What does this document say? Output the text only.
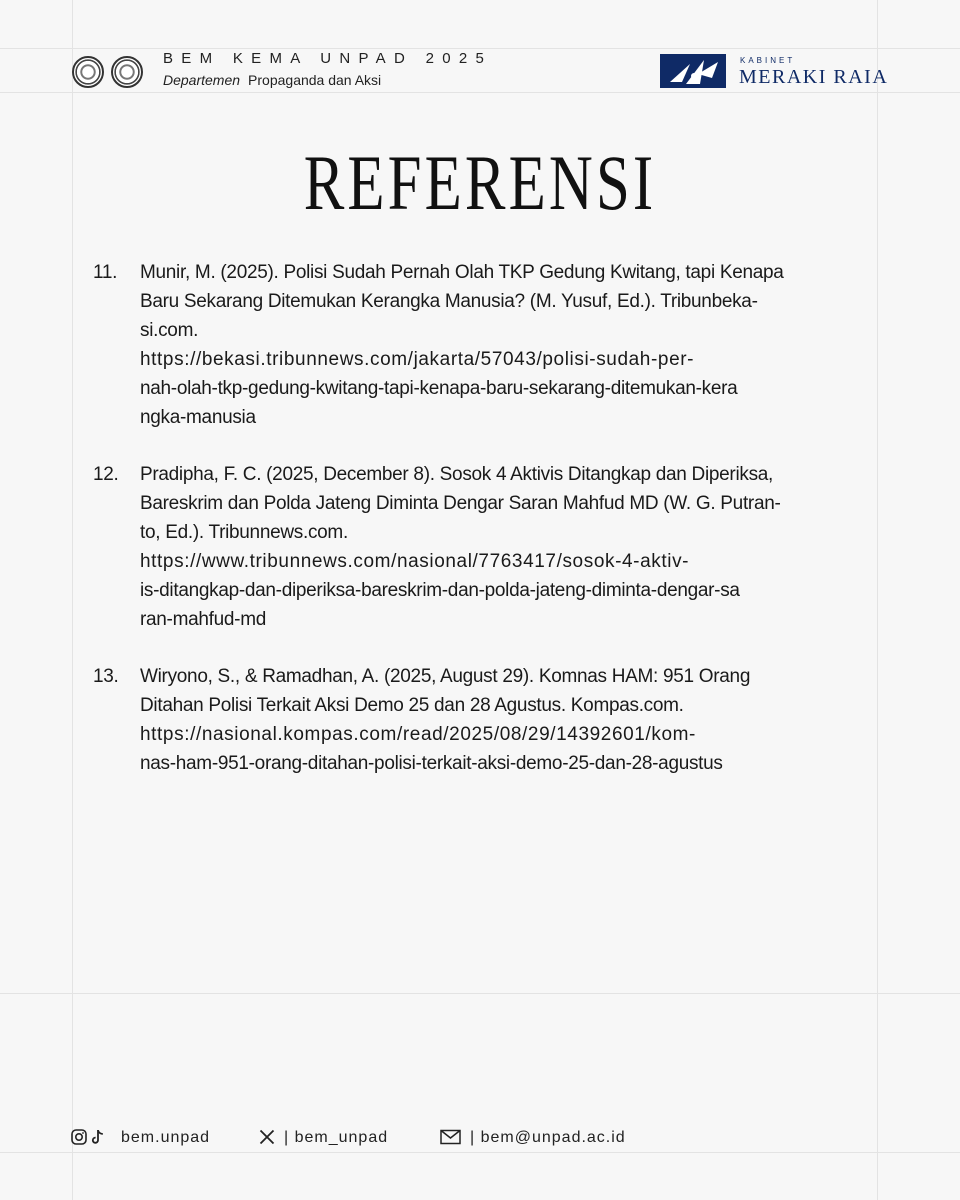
BEM KEMA UNPAD 2025
Departemen Propaganda dan Aksi
KABINET
MERAKI RAIA
REFERENSI
11. Munir, M. (2025). Polisi Sudah Pernah Olah TKP Gedung Kwitang, tapi Kenapa
Baru Sekarang Ditemukan Kerangka Manusia? (M. Yusuf, Ed.). Tribunbeka-
si.com.
https://bekasi.tribunnews.com/jakarta/57043/polisi-sudah-per-
nah-olah-tkp-gedung-kwitang-tapi-kenapa-baru-sekarang-ditemukan-kera
ngka-manusia
12. Pradipha, F. C. (2025, December 8). Sosok 4 Aktivis Ditangkap dan Diperiksa,
Bareskrim dan Polda Jateng Diminta Dengar Saran Mahfud MD (W. G. Putran-
to, Ed.). Tribunnews.com.
https://www.tribunnews.com/nasional/7763417/sosok-4-aktiv-
is-ditangkap-dan-diperiksa-bareskrim-dan-polda-jateng-diminta-dengar-sa
ran-mahfud-md
13. Wiryono, S., & Ramadhan, A. (2025, August 29). Komnas HAM: 951 Orang
Ditahan Polisi Terkait Aksi Demo 25 dan 28 Agustus. Kompas.com.
https://nasional.kompas.com/read/2025/08/29/14392601/kom-
nas-ham-951-orang-ditahan-polisi-terkait-aksi-demo-25-dan-28-agustus
bem.unpad	| bem_unpad	| bem@unpad.ac.id
